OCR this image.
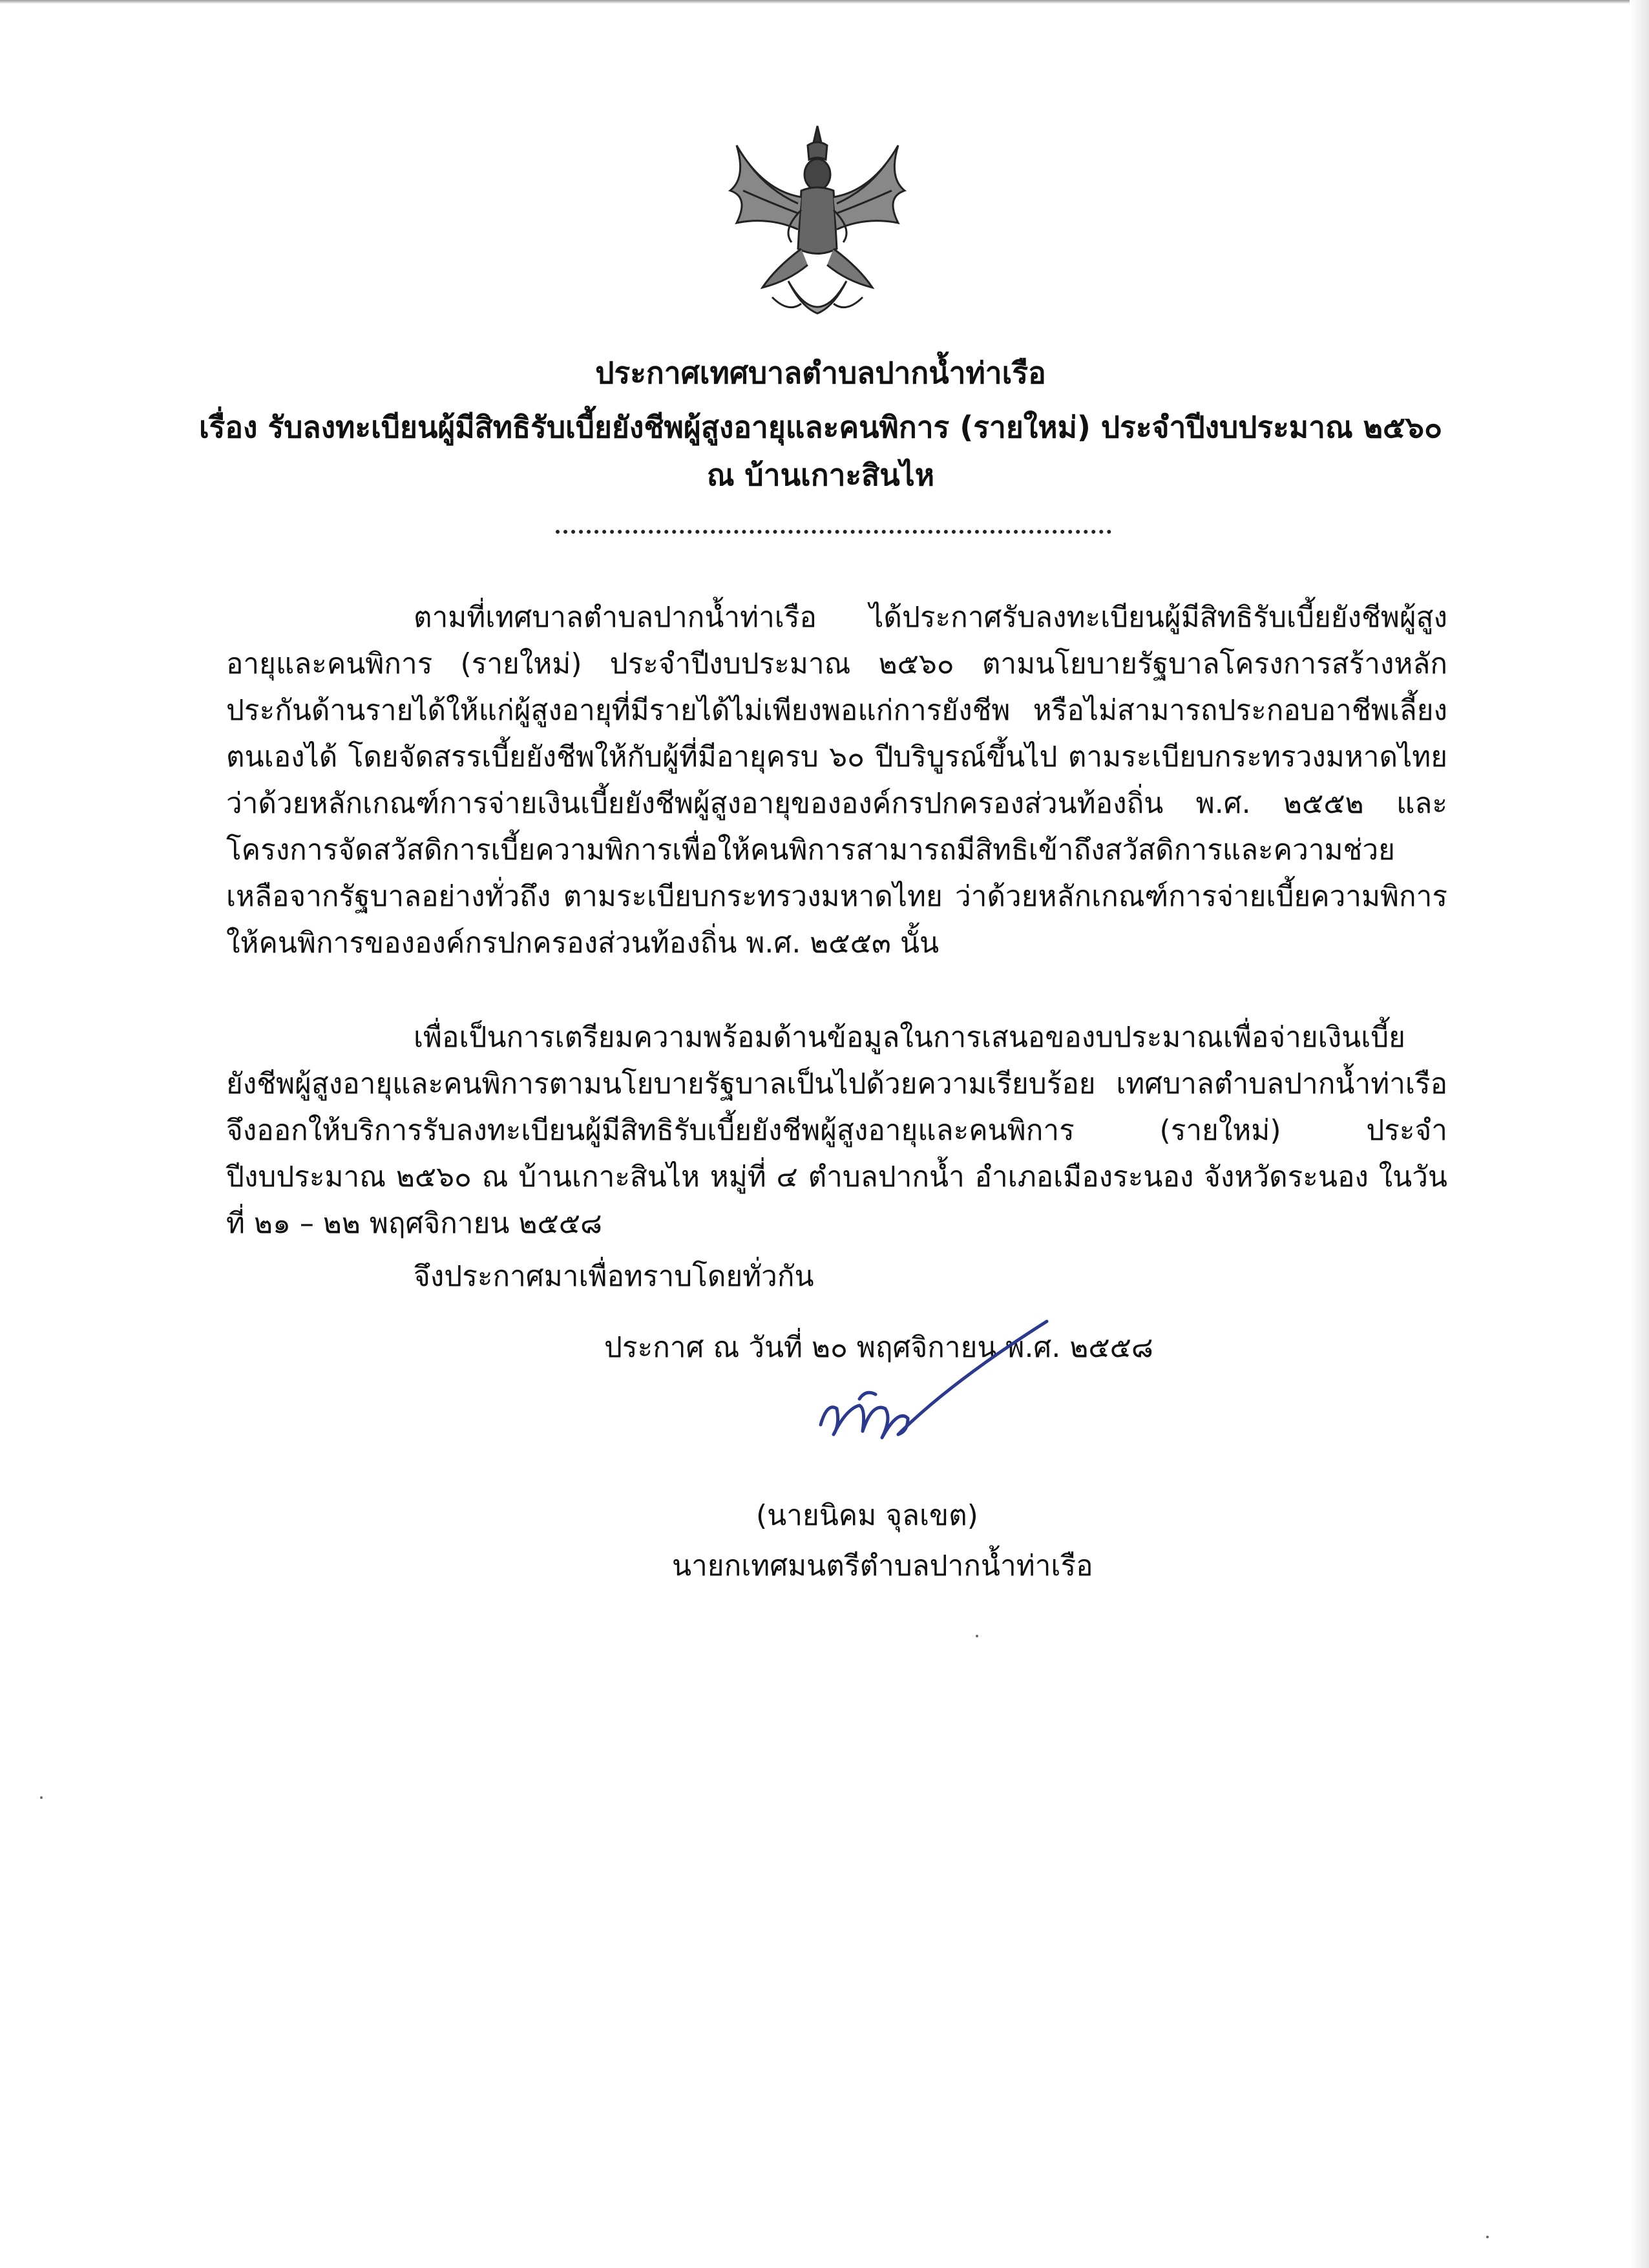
ประกาศเทศบาลตำบลปากน้ำท่าเรือ
เรื่อง รับลงทะเบียนผู้มีสิทธิรับเบี้ยยังชีพผู้สูงอายุและคนพิการ (รายใหม่) ประจำปีงบประมาณ ๒๕๖๐
ณ บ้านเกาะสินไห

ตามที่เทศบาลตำบลปากน้ำท่าเรือ ได้ประกาศรับลงทะเบียนผู้มีสิทธิรับเบี้ยยังชีพผู้สูงอายุและคนพิการ (รายใหม่) ประจำปีงบประมาณ ๒๕๖๐ ตามนโยบายรัฐบาลโครงการสร้างหลักประกันด้านรายได้ให้แก่ผู้สูงอายุที่มีรายได้ไม่เพียงพอแก่การยังชีพ หรือไม่สามารถประกอบอาชีพเลี้ยงตนเองได้ โดยจัดสรรเบี้ยยังชีพให้กับผู้ที่มีอายุครบ ๖๐ ปีบริบูรณ์ขึ้นไป ตามระเบียบกระทรวงมหาดไทย ว่าด้วยหลักเกณฑ์การจ่ายเงินเบี้ยยังชีพผู้สูงอายุขององค์กรปกครองส่วนท้องถิ่น พ.ศ. ๒๕๕๒ และโครงการจัดสวัสดิการเบี้ยความพิการเพื่อให้คนพิการสามารถมีสิทธิเข้าถึงสวัสดิการและความช่วยเหลือจากรัฐบาลอย่างทั่วถึง ตามระเบียบกระทรวงมหาดไทย ว่าด้วยหลักเกณฑ์การจ่ายเบี้ยความพิการให้คนพิการขององค์กรปกครองส่วนท้องถิ่น พ.ศ. ๒๕๕๓ นั้น

เพื่อเป็นการเตรียมความพร้อมด้านข้อมูลในการเสนอของบประมาณเพื่อจ่ายเงินเบี้ยยังชีพผู้สูงอายุและคนพิการตามนโยบายรัฐบาลเป็นไปด้วยความเรียบร้อย เทศบาลตำบลปากน้ำท่าเรือจึงออกให้บริการรับลงทะเบียนผู้มีสิทธิรับเบี้ยยังชีพผู้สูงอายุและคนพิการ (รายใหม่) ประจำปีงบประมาณ ๒๕๖๐ ณ บ้านเกาะสินไห หมู่ที่ ๔ ตำบลปากน้ำ อำเภอเมืองระนอง จังหวัดระนอง ในวันที่ ๒๑ – ๒๒ พฤศจิกายน ๒๕๕๘

จึงประกาศมาเพื่อทราบโดยทั่วกัน
ประกาศ ณ วันที่ ๒๐ พฤศจิกายน พ.ศ. ๒๕๕๘
(นายนิคม จุลเขต)
นายกเทศมนตรีตำบลปากน้ำท่าเรือ
